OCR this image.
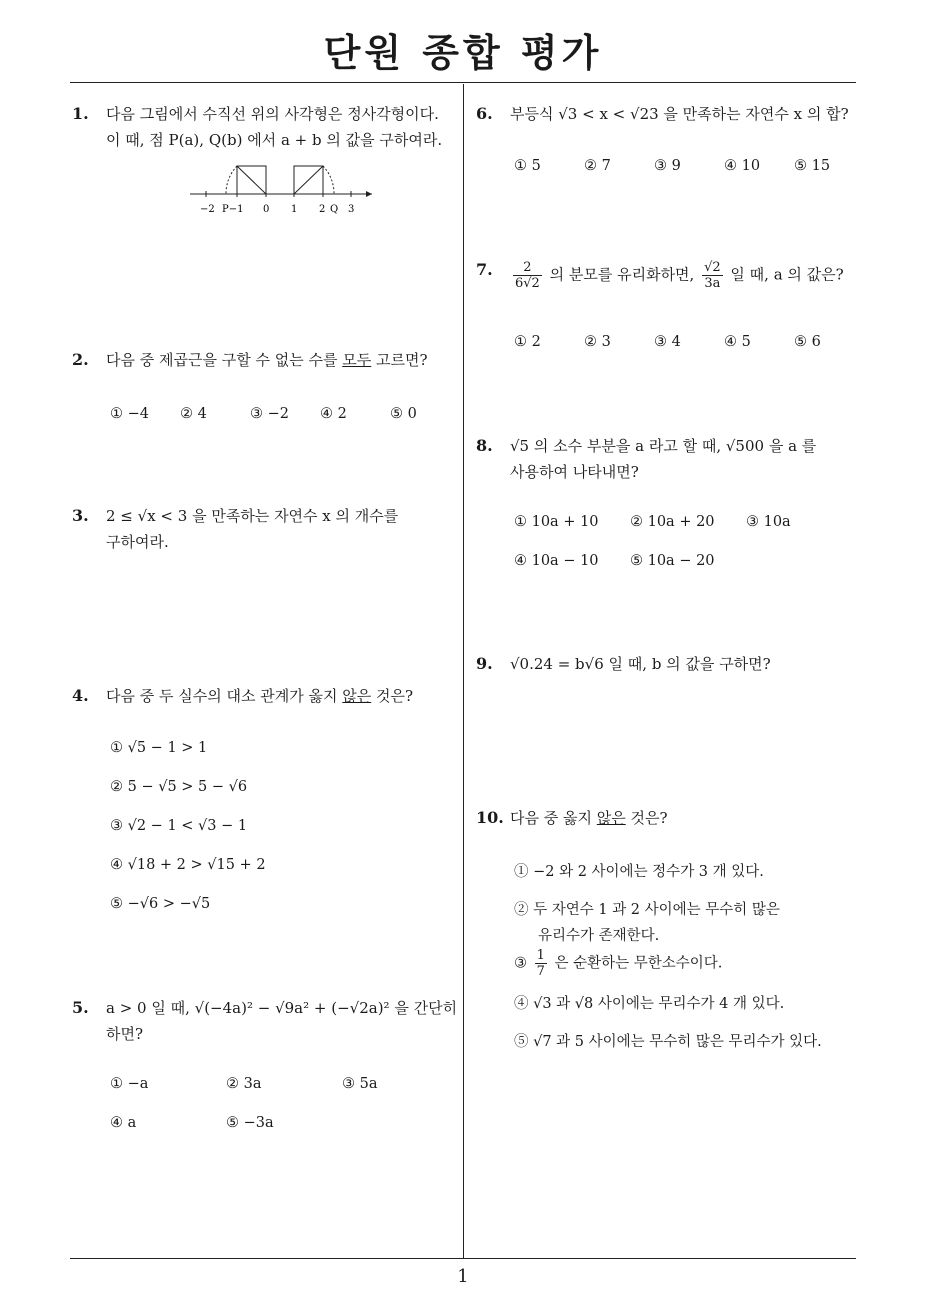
단원 종합 평가
1. 다음 그림에서 수직선 위의 사각형은 정사각형이다.
이 때, 점 P(a), Q(b) 에서 a + b 의 값을 구하여라.
−2 P−1 0 1 2 Q 3
2. 다음 중 제곱근을 구할 수 없는 수를 모두 고르면?
① −4 ② 4	③ −2 ④ 2	⑤ 0
3. 2 ≤ √x < 3 을 만족하는 자연수 x 의 개수를
구하여라.
4. 다음 중 두 실수의 대소 관계가 옳지 않은 것은?
① √5 − 1 > 1
② 5 − √5 > 5 − √6
③ √2 − 1 < √3 − 1
④ √18 + 2 > √15 + 2
⑤ −√6 > −√5
5. a > 0 일 때, √(−4a)² − √9a² + (−√2a)² 을 간단히
하면?
① −a	② 3a	③ 5a
④ a	⑤ −3a
6. 부등식 √3 < x < √23 을 만족하는 자연수 x 의 합?
① 5	② 7	③ 9	④ 10 ⑤ 15
7. $\frac{2}{6√2}$ 의 분모를 유리화하면, $\frac{√2}{3a}$ 일 때, a 의 값은?
① 2	② 3	③ 4	④ 5	⑤ 6
8. √5 의 소수 부분을 a 라고 할 때, √500 을 a 를
사용하여 나타내면?
① 10a + 10 ② 10a + 20 ③ 10a
④ 10a − 10 ⑤ 10a − 20
9. √0.24 = b√6 일 때, b 의 값을 구하면?
10. 다음 중 옳지 않은 것은?
① −2 와 2 사이에는 정수가 3 개 있다.
② 두 자연수 1 과 2 사이에는 무수히 많은
유리수가 존재한다.
③ $\frac{1}{7}$ 은 순환하는 무한소수이다.
④ √3 과 √8 사이에는 무리수가 4 개 있다.
⑤ √7 과 5 사이에는 무수히 많은 무리수가 있다.
1
